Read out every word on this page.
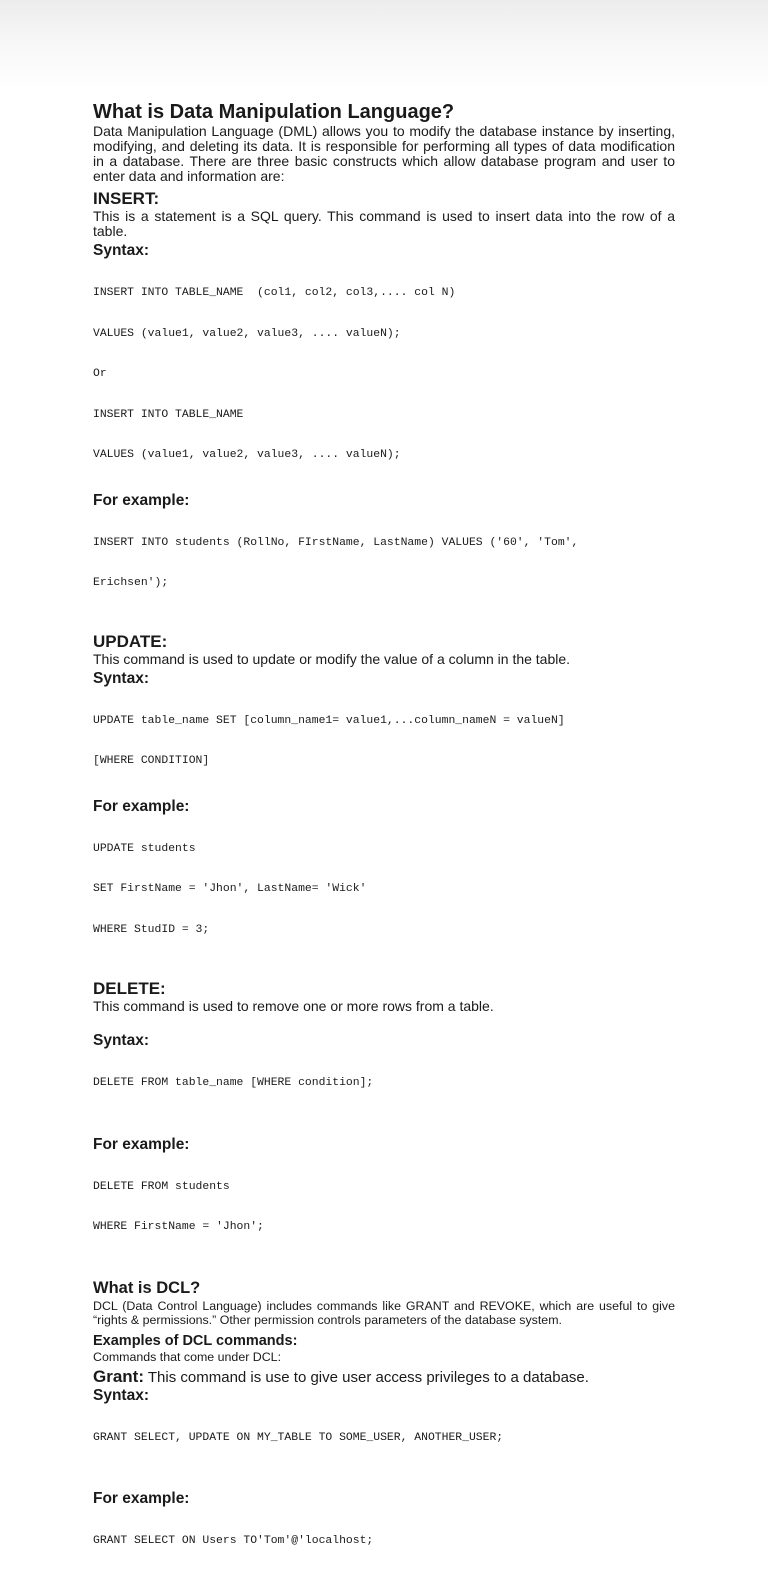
What is Data Manipulation Language?

Data Manipulation Language (DML) allows you to modify the database instance by inserting, modifying, and deleting its data. It is responsible for performing all types of data modification in a database. There are three basic constructs which allow database program and user to enter data and information are:

INSERT:

This is a statement is a SQL query. This command is used to insert data into the row of a table.

Syntax:

INSERT INTO TABLE_NAME  (col1, col2, col3,.... col N)

VALUES (value1, value2, value3, .... valueN);

Or

INSERT INTO TABLE_NAME

VALUES (value1, value2, value3, .... valueN);

For example:

INSERT INTO students (RollNo, FIrstName, LastName) VALUES ('60', 'Tom',

Erichsen');

UPDATE:

This command is used to update or modify the value of a column in the table.

Syntax:

UPDATE table_name SET [column_name1= value1,...column_nameN = valueN]

[WHERE CONDITION]

For example:

UPDATE students

SET FirstName = 'Jhon', LastName= 'Wick'

WHERE StudID = 3;

DELETE:

This command is used to remove one or more rows from a table.

Syntax:

DELETE FROM table_name [WHERE condition];

For example:

DELETE FROM students

WHERE FirstName = 'Jhon';

What is DCL?

DCL (Data Control Language) includes commands like GRANT and REVOKE, which are useful to give “rights & permissions.” Other permission controls parameters of the database system.

Examples of DCL commands:

Commands that come under DCL:

Grant: This command is use to give user access privileges to a database.

Syntax:

GRANT SELECT, UPDATE ON MY_TABLE TO SOME_USER, ANOTHER_USER;

For example:

GRANT SELECT ON Users TO'Tom'@'localhost;
